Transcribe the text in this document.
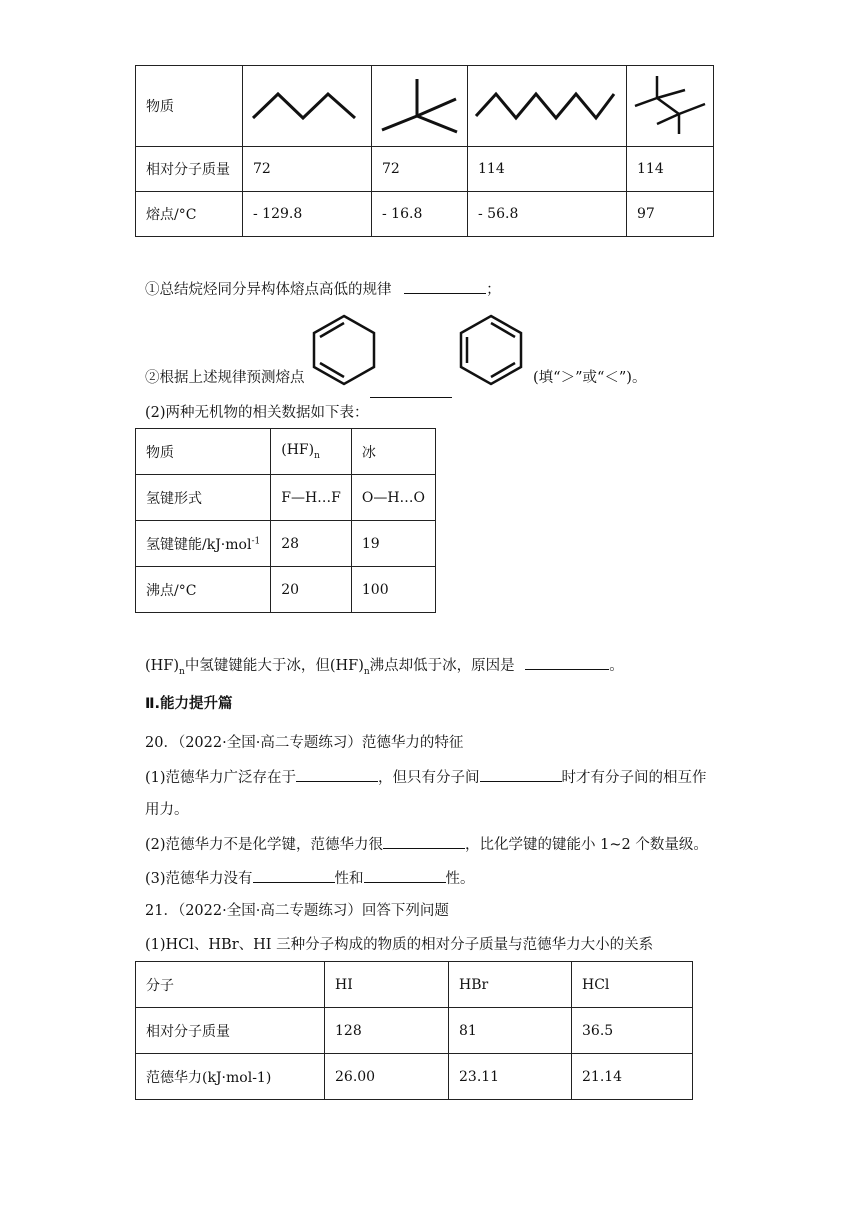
物质	

相对分子质量	72	72	114	114
熔点/°C	- 129.8	- 16.8	- 56.8	97
①总结烷烃同分异构体熔点高低的规律	；
②根据上述规律预测熔点	(填“＞”或“＜”)。
(2)两种无机物的相关数据如下表：
物质	$(HF)_n$	冰
氢键形式	F—H…F	O—H…O
氢键键能/kJ·mol$^{-1}$	28	19
沸点/°C	20	100
$(HF)_n$中氢键键能大于冰，但$(HF)_n$沸点却低于冰，原因是	。
Ⅱ.能力提升篇
20．（2022·全国·高二专题练习）范德华力的特征
(1)范德华力广泛存在于	，但只有分子间	时才有分子间的相互作
用力。
(2)范德华力不是化学键，范德华力很	，比化学键的键能小 1~2 个数量级。
(3)范德华力没有	性和	性。
21．（2022·全国·高二专题练习）回答下列问题
(1)HCl、HBr、HI 三种分子构成的物质的相对分子质量与范德华力大小的关系
分子	HI	HBr	HCl
相对分子质量	128	81	36.5
范德华力(kJ·mol-1)	26.00	23.11	21.14
